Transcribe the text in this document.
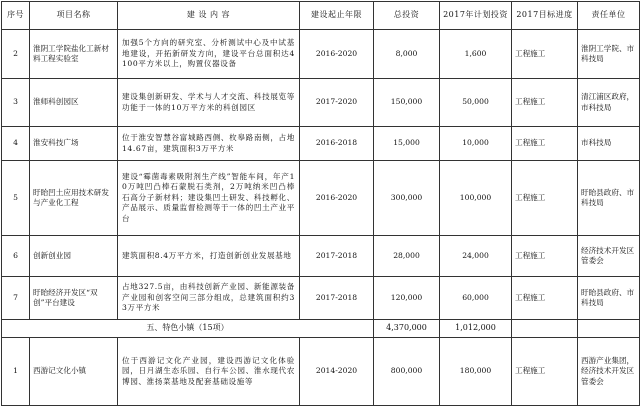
序号	项目名称	建 设 内 容	建设起止年限	总投资	2017年计划投资	2017目标进度	责任单位
2	淮阴工学院盐化工新材料工程实验室	加强5个方向的研究室、分析测试中心及中试基地建设，开拓新研发方向，建设平台总面积达4100平方米以上，购置仪器设备	2016-2020	8,000	1,600	工程施工	淮阴工学院、市科技局
3	淮师科创园区	建设集创新研发、学术与人才交流、科技展览等功能于一体的10万平方米的科创园区	2017-2020	150,000	50,000	工程施工	清江浦区政府，市科技局
4	淮安科技广场	位于淮安智慧谷富城路西侧、枚皋路南侧，占地14.67亩，建筑面积3万平方米	2016-2018	15,000	10,000	工程施工	市科技局
5	盱眙凹土应用技术研发与产业化工程	建设“霉菌毒素吸附剂生产线”智能车间，年产10万吨凹凸棒石蒙脱石类剂，2万吨纳米凹凸棒石高分子新材料；建设集凹土研发、科技孵化、产品展示、质量监督检测等于一体的凹土产业平台	2016-2020	300,000	100,000	工程施工	盱眙县政府、市科技局
6	创新创业园	建筑面积8.4万平方米，打造创新创业发展基地	2017-2018	28,000	24,000	工程施工	经济技术开发区管委会
7	盱眙经济开发区“双创”平台建设	占地327.5亩，由科技创新产业园、新能源装备产业园和创客空间三部分组成，总建筑面积约33万平方米	2017-2018	120,000	60,000	工程施工	盱眙县政府、市科技局
五、特色小镇（15项）				4,370,000	1,012,000		
1	西游记文化小镇	位于西游记文化产业园，建设西游记文化体验园，日月湖生态乐园、自行车公园、淮水现代农博园、淮扬菜基地及配套基础设施等	2014-2020	800,000	180,000	工程施工	西游产业集团，经济技术开发区管委会
